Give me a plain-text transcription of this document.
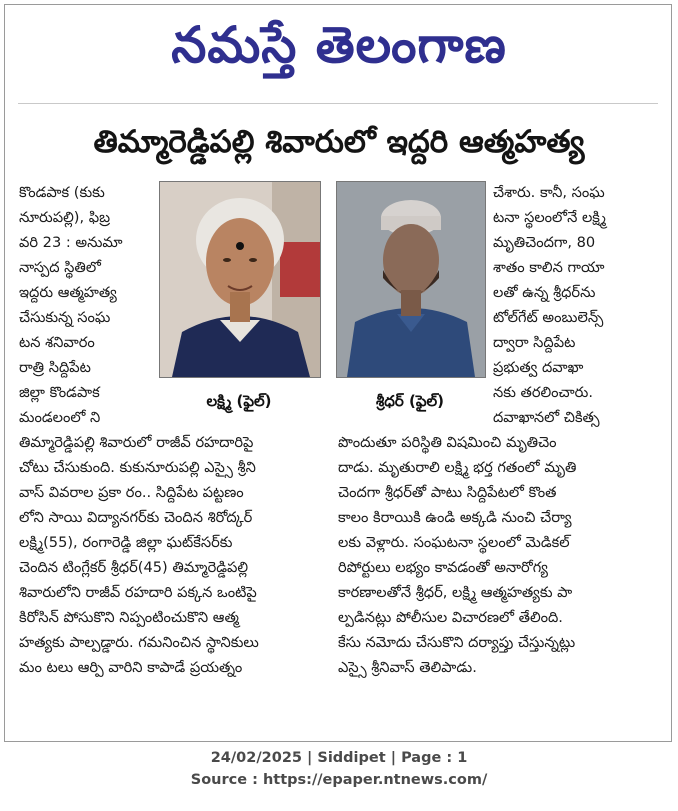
నమస్తే తెలంగాణ
తిమ్మారెడ్డిపల్లి శివారులో ఇద్దరి ఆత్మహత్య
కొండపాక (కుకు
నూరుపల్లి), ఫిబ్ర
వరి 23 : అనుమా
నాస్పద స్థితిలో
ఇద్దరు ఆత్మహత్య
చేసుకున్న సంఘ
టన శనివారం
రాత్రి సిద్దిపేట
జిల్లా కొండపాక
మండలంలో ని
లక్ష్మి (ఫైల్)	శ్రీధర్ (ఫైల్)
చేశారు. కానీ, సంఘ
టనా స్థలంలోనే లక్ష్మి
మృతిచెందగా, 80
శాతం కాలిన గాయా
లతో ఉన్న శ్రీధర్‌ను
టోల్‌గేట్ అంబులెన్స్
ద్వారా సిద్దిపేట
ప్రభుత్వ దవాఖా
నకు తరలించారు.
దవాఖానలో చికిత్స
తిమ్మారెడ్డిపల్లి శివారులో రాజీవ్ రహదారిపై
చోటు చేసుకుంది. కుకునూరుపల్లి ఎస్సై శ్రీని
వాస్ వివరాల ప్రకా రం.. సిద్దిపేట పట్టణం
లోని సాయి విద్యానగర్‌కు చెందిన శిరోద్కర్
లక్ష్మి(55), రంగారెడ్డి జిల్లా ఘట్‌కేసర్‌కు
చెందిన టింగ్లేకర్ శ్రీధర్(45) తిమ్మారెడ్డిపల్లి
శివారులోని రాజీవ్ రహదారి పక్కన ఒంటిపై
కిరోసిన్ పోసుకొని నిప్పంటించుకొని ఆత్మ
హత్యకు పాల్పడ్డారు. గమనించిన స్థానికులు
మం టలు ఆర్పి వారిని కాపాడే ప్రయత్నం
పొందుతూ పరిస్థితి విషమించి మృతిచెం
దాడు. మృతురాలి లక్ష్మి భర్త గతంలో మృతి
చెందగా శ్రీధర్‌తో పాటు సిద్దిపేటలో కొంత
కాలం కిరాయికి ఉండి అక్కడి నుంచి చేర్యా
లకు వెళ్లారు. సంఘటనా స్థలంలో మెడికల్
రిపోర్టులు లభ్యం కావడంతో అనారోగ్య
కారణాలతోనే శ్రీధర్, లక్ష్మి ఆత్మహత్యకు పా
ల్పడినట్లు పోలీసుల విచారణలో తేలింది.
కేసు నమోదు చేసుకొని దర్యాప్తు చేస్తున్నట్లు
ఎస్సై శ్రీనివాస్ తెలిపాడు.
24/02/2025 | Siddipet | Page : 1
Source : https://epaper.ntnews.com/
